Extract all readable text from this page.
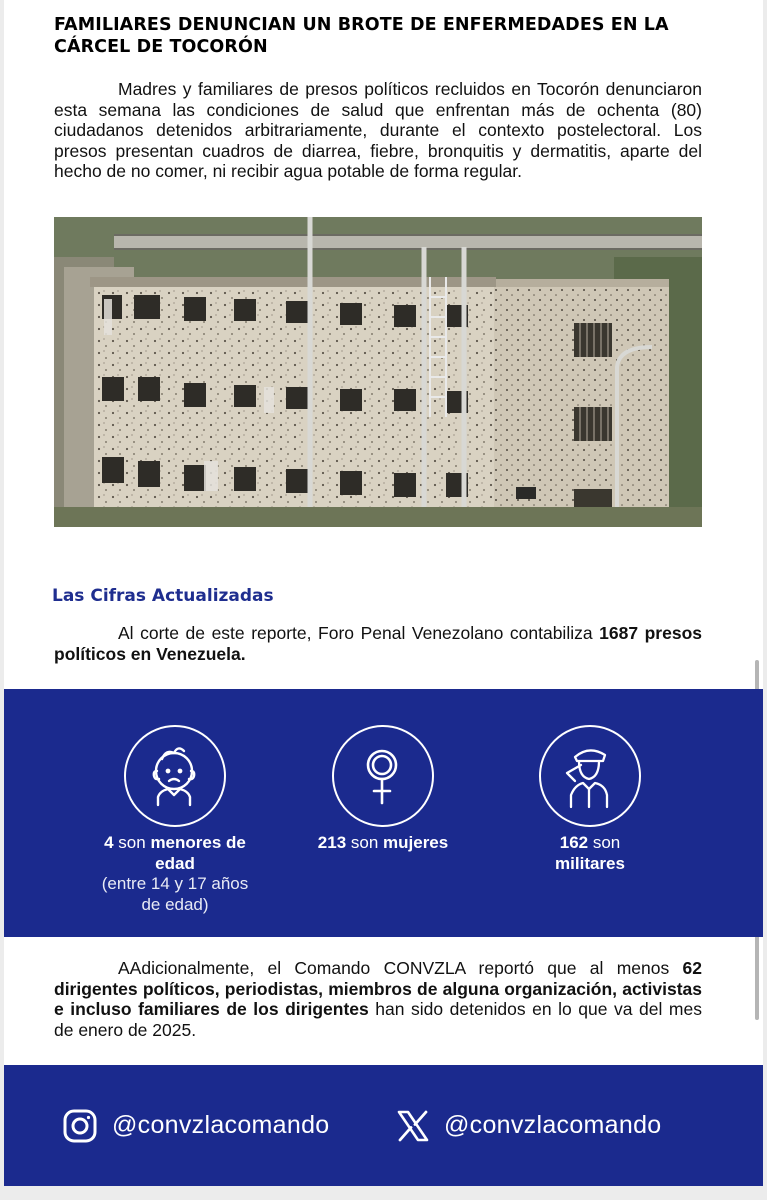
FAMILIARES DENUNCIAN UN BROTE DE ENFERMEDADES EN LA CÁRCEL DE TOCORÓN
Madres y familiares de presos políticos recluidos en Tocorón denunciaron esta semana las condiciones de salud que enfrentan más de ochenta (80) ciudadanos detenidos arbitrariamente, durante el contexto postelectoral. Los presos presentan cuadros de diarrea, fiebre, bronquitis y dermatitis, aparte del hecho de no comer, ni recibir agua potable de forma regular.
Las Cifras Actualizadas
Al corte de este reporte, Foro Penal Venezolano contabiliza 1687 presos políticos en Venezuela.
4 son menores de edad
(entre 14 y 17 años de edad)
213 son mujeres	162 son
militares
AAdicionalmente, el Comando CONVZLA reportó que al menos 62 dirigentes políticos, periodistas, miembros de alguna organización, activistas e incluso familiares de los dirigentes han sido detenidos en lo que va del mes de enero de 2025.
@convzlacomando	@convzlacomando
